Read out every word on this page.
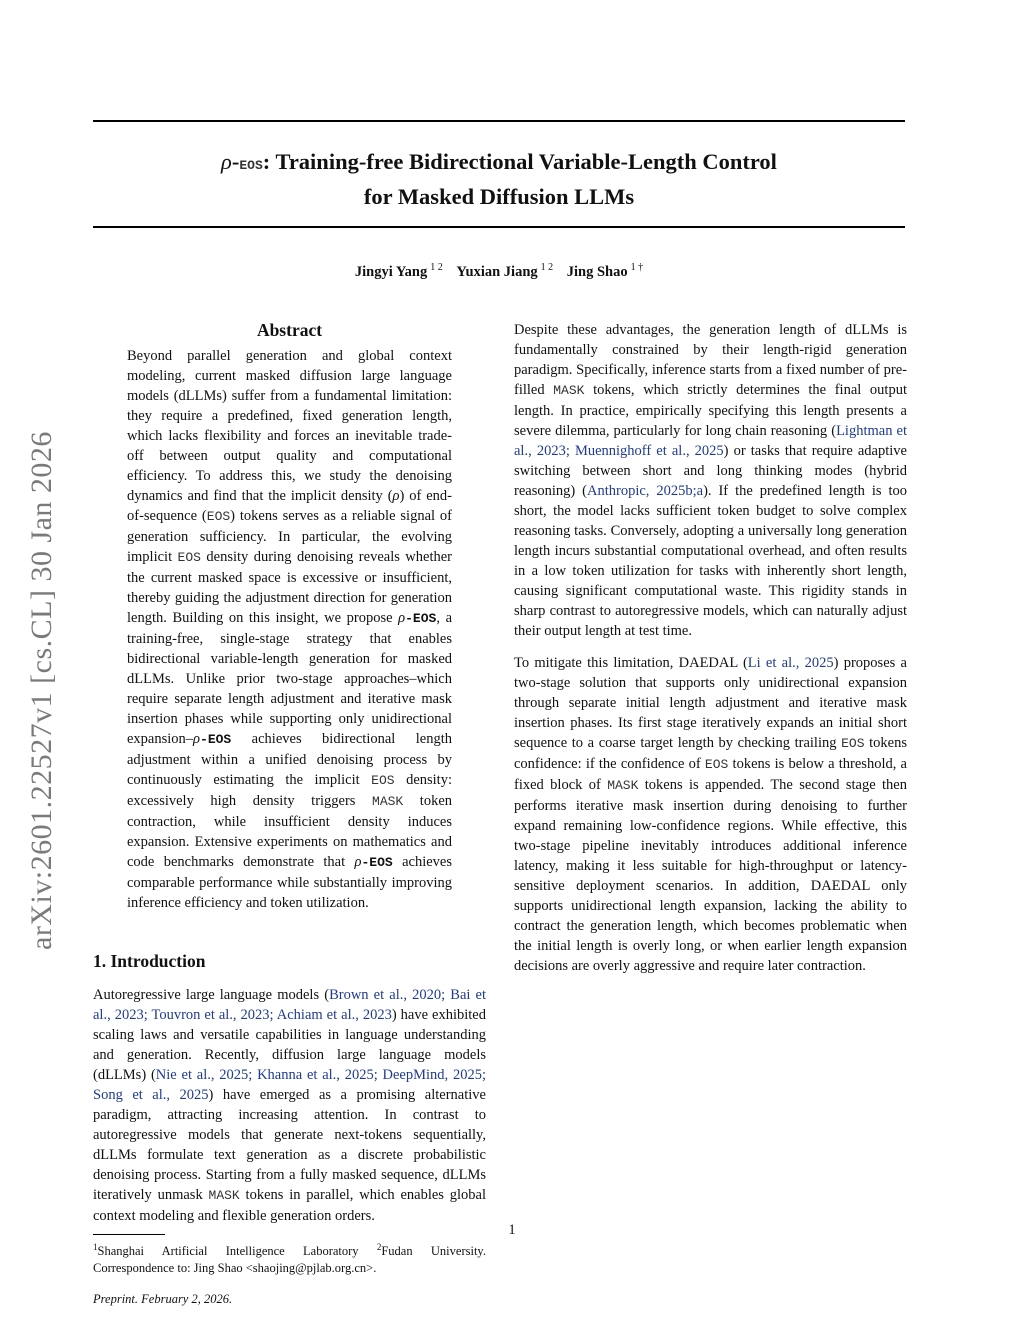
ρ-EOS: Training-free Bidirectional Variable-Length Control
for Masked Diffusion LLMs
Jingyi Yang $^{1 2}$ Yuxian Jiang $^{1 2}$ Jing Shao $^{1 \dagger}$
arXiv:2601.22527v1 [cs.CL] 30 Jan 2026
Abstract
Beyond parallel generation and global context modeling, current masked diffusion large language models (dLLMs) suffer from a fundamental limitation: they require a predefined, fixed generation length, which lacks flexibility and forces an inevitable trade-off between output quality and computational efficiency. To address this, we study the denoising dynamics and find that the implicit density (ρ) of end-of-sequence (EOS) tokens serves as a reliable signal of generation sufficiency. In particular, the evolving implicit EOS density during denoising reveals whether the current masked space is excessive or insufficient, thereby guiding the adjustment direction for generation length. Building on this insight, we propose ρ-EOS, a training-free, single-stage strategy that enables bidirectional variable-length generation for masked dLLMs. Unlike prior two-stage approaches–which require separate length adjustment and iterative mask insertion phases while supporting only unidirectional expansion–ρ-EOS achieves bidirectional length adjustment within a unified denoising process by continuously estimating the implicit EOS density: excessively high density triggers MASK token contraction, while insufficient density induces expansion. Extensive experiments on mathematics and code benchmarks demonstrate that ρ-EOS achieves comparable performance while substantially improving inference efficiency and token utilization.
1. Introduction

Autoregressive large language models (Brown et al., 2020; Bai et al., 2023; Touvron et al., 2023; Achiam et al., 2023) have exhibited scaling laws and versatile capabilities in language understanding and generation. Recently, diffusion large language models (dLLMs) (Nie et al., 2025; Khanna et al., 2025; DeepMind, 2025; Song et al., 2025) have emerged as a promising alternative paradigm, attracting increasing attention. In contrast to autoregressive models that generate next-tokens sequentially, dLLMs formulate text generation as a discrete probabilistic denoising process. Starting from a fully masked sequence, dLLMs iteratively unmask MASK tokens in parallel, which enables global context modeling and flexible generation orders.

$^1$Shanghai Artificial Intelligence Laboratory $^2$Fudan University. Correspondence to: Jing Shao <shaojing@pjlab.org.cn>.
Preprint. February 2, 2026.

Despite these advantages, the generation length of dLLMs is fundamentally constrained by their length-rigid generation paradigm. Specifically, inference starts from a fixed number of pre-filled MASK tokens, which strictly determines the final output length. In practice, empirically specifying this length presents a severe dilemma, particularly for long chain reasoning (Lightman et al., 2023; Muennighoff et al., 2025) or tasks that require adaptive switching between short and long thinking modes (hybrid reasoning) (Anthropic, 2025b;a). If the predefined length is too short, the model lacks sufficient token budget to solve complex reasoning tasks. Conversely, adopting a universally long generation length incurs substantial computational overhead, and often results in a low token utilization for tasks with inherently short length, causing significant computational waste. This rigidity stands in sharp contrast to autoregressive models, which can naturally adjust their output length at test time.

To mitigate this limitation, DAEDAL (Li et al., 2025) proposes a two-stage solution that supports only unidirectional expansion through separate initial length adjustment and iterative mask insertion phases. Its first stage iteratively expands an initial short sequence to a coarse target length by checking trailing EOS tokens confidence: if the confidence of EOS tokens is below a threshold, a fixed block of MASK tokens is appended. The second stage then performs iterative mask insertion during denoising to further expand remaining low-confidence regions. While effective, this two-stage pipeline inevitably introduces additional inference latency, making it less suitable for high-throughput or latency-sensitive deployment scenarios. In addition, DAEDAL only supports unidirectional length expansion, lacking the ability to contract the generation length, which becomes problematic when the initial length is overly long, or when earlier length expansion decisions are overly aggressive and require later contraction.

1
